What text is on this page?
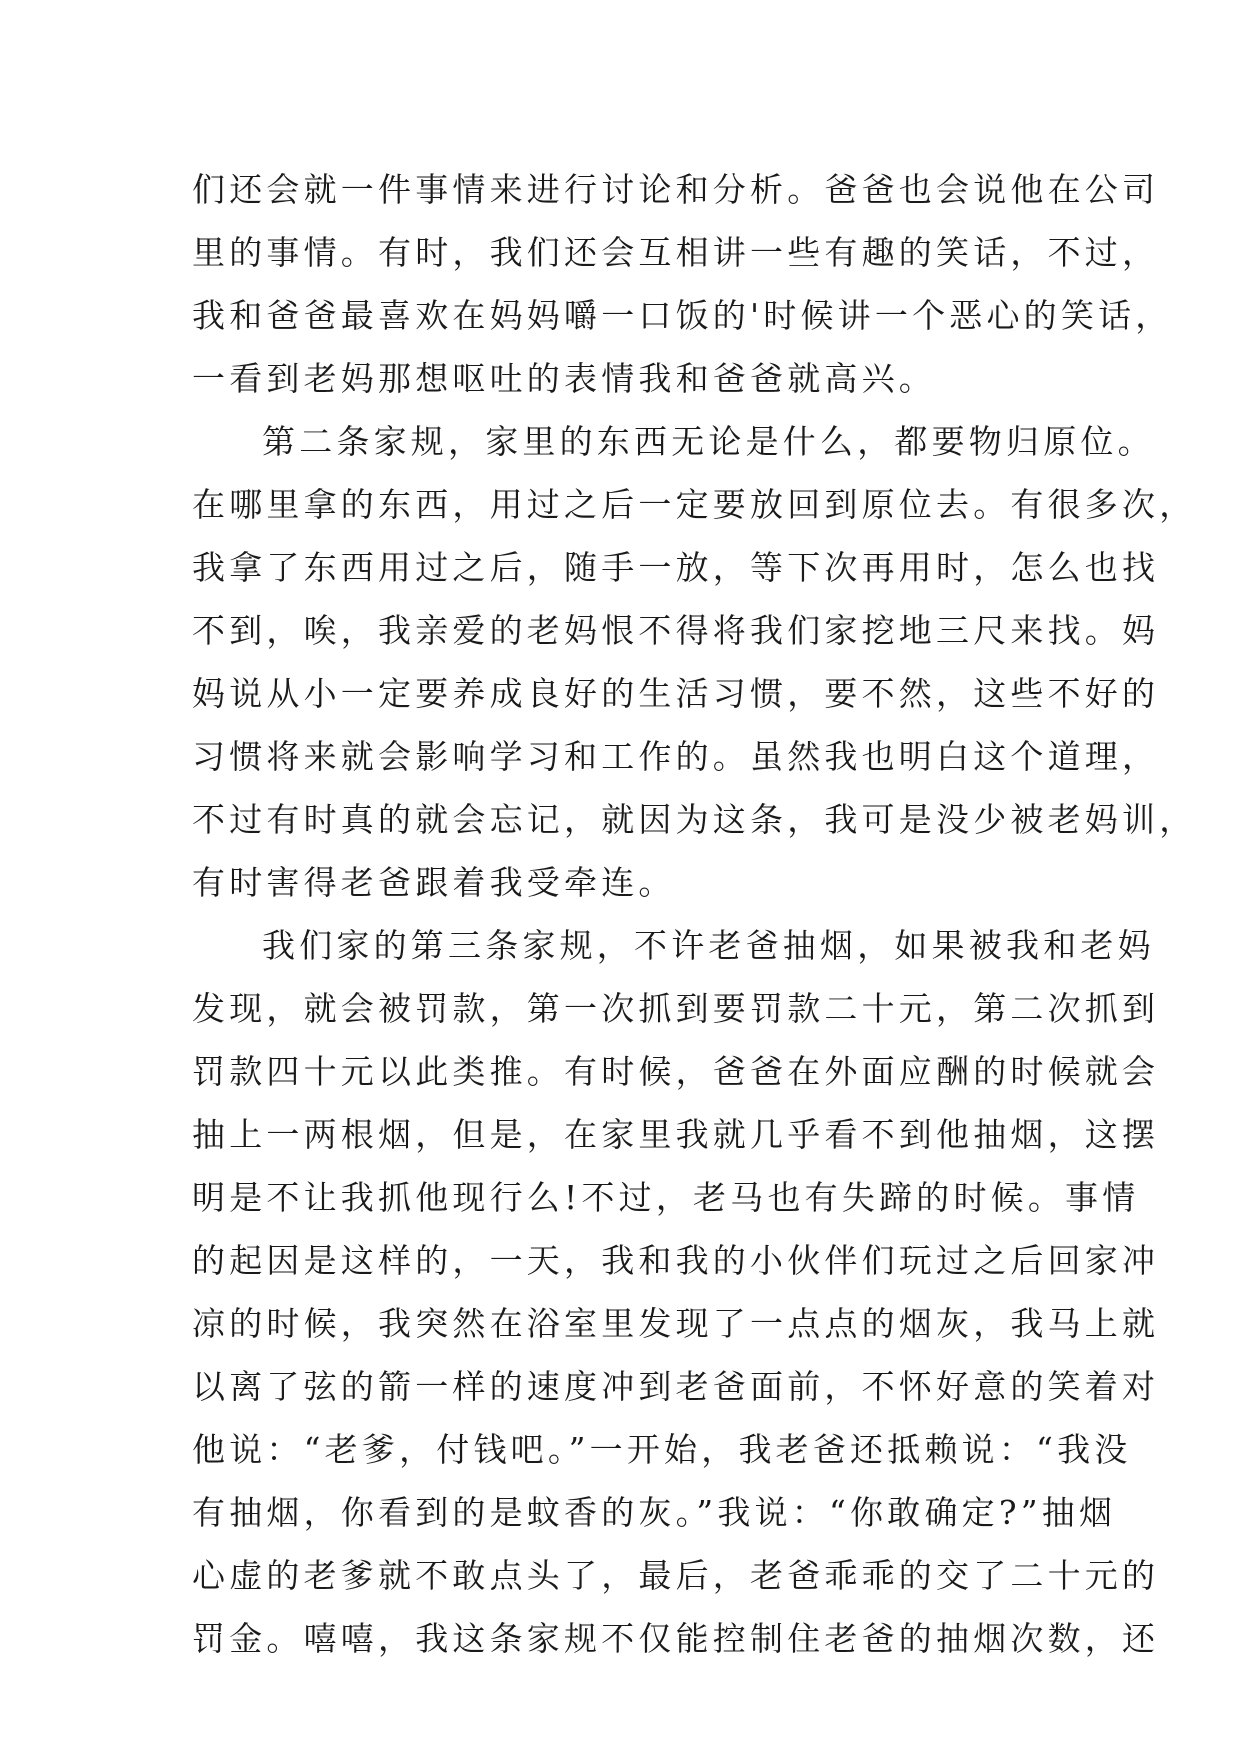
们还会就一件事情来进行讨论和分析。爸爸也会说他在公司
里的事情。有时，我们还会互相讲一些有趣的笑话，不过，
我和爸爸最喜欢在妈妈嚼一口饭的'时候讲一个恶心的笑话，
一看到老妈那想呕吐的表情我和爸爸就高兴。
第二条家规，家里的东西无论是什么，都要物归原位。
在哪里拿的东西，用过之后一定要放回到原位去。有很多次，
我拿了东西用过之后，随手一放，等下次再用时，怎么也找
不到，唉，我亲爱的老妈恨不得将我们家挖地三尺来找。妈
妈说从小一定要养成良好的生活习惯，要不然，这些不好的
习惯将来就会影响学习和工作的。虽然我也明白这个道理，
不过有时真的就会忘记，就因为这条，我可是没少被老妈训，
有时害得老爸跟着我受牵连。
我们家的第三条家规，不许老爸抽烟，如果被我和老妈
发现，就会被罚款，第一次抓到要罚款二十元，第二次抓到
罚款四十元以此类推。有时候，爸爸在外面应酬的时候就会
抽上一两根烟，但是，在家里我就几乎看不到他抽烟，这摆
明是不让我抓他现行么!不过，老马也有失蹄的时候。事情
的起因是这样的，一天，我和我的小伙伴们玩过之后回家冲
凉的时候，我突然在浴室里发现了一点点的烟灰，我马上就
以离了弦的箭一样的速度冲到老爸面前，不怀好意的笑着对
他说：“老爹，付钱吧。”一开始，我老爸还抵赖说：“我没
有抽烟，你看到的是蚊香的灰。”我说：“你敢确定?”抽烟
心虚的老爹就不敢点头了，最后，老爸乖乖的交了二十元的
罚金。嘻嘻，我这条家规不仅能控制住老爸的抽烟次数，还
